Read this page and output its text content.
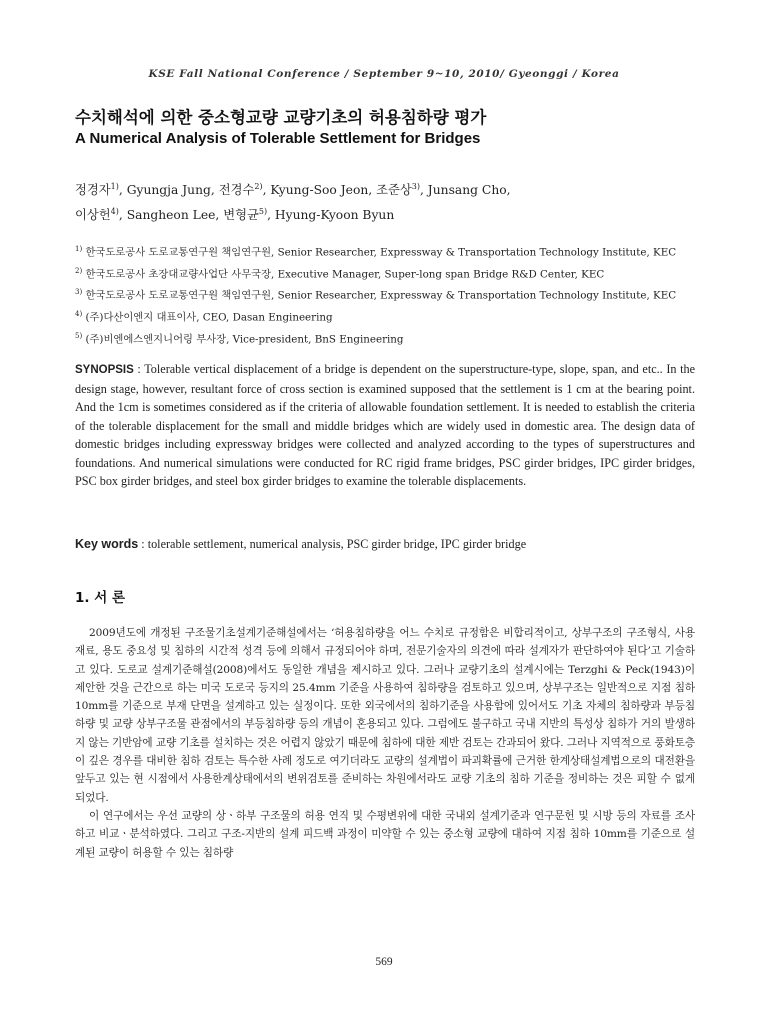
KSE Fall National Conference / September 9~10, 2010/ Gyeonggi / Korea
수치해석에 의한 중소형교량 교량기초의 허용침하량 평가
A Numerical Analysis of Tolerable Settlement for Bridges
정경자$^{1)}$, Gyungja Jung, 전경수$^{2)}$, Kyung-Soo Jeon, 조준상$^{3)}$, Junsang Cho,
이상헌$^{4)}$, Sangheon Lee, 변형균$^{5)}$, Hyung-Kyoon Byun
$^{1)}$ 한국도로공사 도로교통연구원 책임연구원, Senior Researcher, Expressway & Transportation Technology Institute, KEC
$^{2)}$ 한국도로공사 초장대교량사업단 사무국장, Executive Manager, Super-long span Bridge R&D Center, KEC
$^{3)}$ 한국도로공사 도로교통연구원 책임연구원, Senior Researcher, Expressway & Transportation Technology Institute, KEC
$^{4)}$ (주)다산이엔지 대표이사, CEO, Dasan Engineering
$^{5)}$ (주)비엔에스엔지니어링 부사장, Vice-president, BnS Engineering
SYNOPSIS : Tolerable vertical displacement of a bridge is dependent on the superstructure-type, slope, span, and etc.. In the design stage, however, resultant force of cross section is examined supposed that the settlement is 1 cm at the bearing point. And the 1cm is sometimes considered as if the criteria of allowable foundation settlement. It is needed to establish the criteria of the tolerable displacement for the small and middle bridges which are widely used in domestic area. The design data of domestic bridges including expressway bridges were collected and analyzed according to the types of superstructures and foundations. And numerical simulations were conducted for RC rigid frame bridges, PSC girder bridges, IPC girder bridges, PSC box girder bridges, and steel box girder bridges to examine the tolerable displacements.
Key words : tolerable settlement, numerical analysis, PSC girder bridge, IPC girder bridge
1. 서 론

2009년도에 개정된 구조물기초설계기준해설에서는 ‘허용침하량을 어느 수치로 규정함은 비합리적이고, 상부구조의 구조형식, 사용재료, 용도 중요성 및 침하의 시간적 성격 등에 의해서 규정되어야 하며, 전문기술자의 의견에 따라 설계자가 판단하여야 된다’고 기술하고 있다. 도로교 설계기준해설(2008)에서도 동일한 개념을 제시하고 있다. 그러나 교량기초의 설계시에는 Terzghi & Peck(1943)이 제안한 것을 근간으로 하는 미국 도로국 등지의 25.4mm 기준을 사용하여 침하량을 검토하고 있으며, 상부구조는 일반적으로 지점 침하 10mm를 기준으로 부재 단면을 설계하고 있는 실정이다. 또한 외국에서의 침하기준을 사용함에 있어서도 기초 자체의 침하량과 부등침하량 및 교량 상부구조물 관점에서의 부등침하량 등의 개념이 혼용되고 있다. 그럼에도 불구하고 국내 지반의 특성상 침하가 거의 발생하지 않는 기반암에 교량 기초를 설치하는 것은 어렵지 않았기 때문에 침하에 대한 제반 검토는 간과되어 왔다. 그러나 지역적으로 풍화토층이 깊은 경우를 대비한 침하 검토는 특수한 사례 정도로 여기더라도 교량의 설계법이 파괴확률에 근거한 한계상태설계법으로의 대전환을 앞두고 있는 현 시점에서 사용한계상태에서의 변위검토를 준비하는 차원에서라도 교량 기초의 침하 기준을 정비하는 것은 피할 수 없게 되었다.

이 연구에서는 우선 교량의 상ㆍ하부 구조물의 허용 연직 및 수평변위에 대한 국내외 설계기준과 연구문헌 및 시방 등의 자료를 조사하고 비교ㆍ분석하였다. 그리고 구조-지반의 설계 피드백 과정이 미약할 수 있는 중소형 교량에 대하여 지점 침하 10mm를 기준으로 설계된 교량이 허용할 수 있는 침하량

569
